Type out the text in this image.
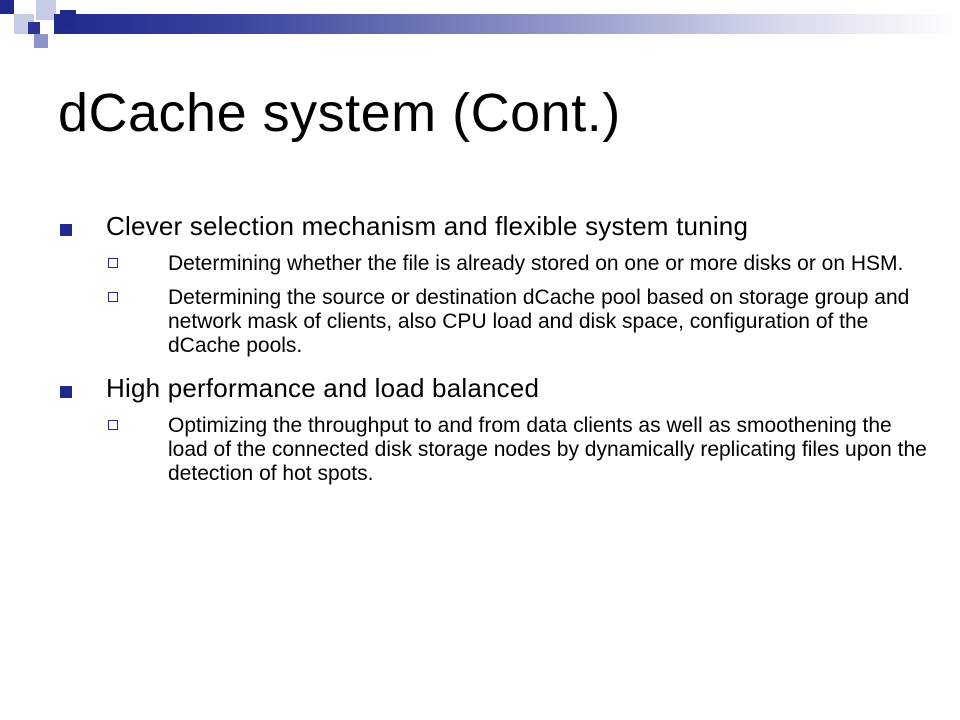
dCache system (Cont.)
Clever selection mechanism and flexible system tuning
Determining whether the file is already stored on one or more disks or on HSM.
Determining the source or destination dCache pool based on storage group and network mask of clients, also CPU load and disk space, configuration of the dCache pools.
High performance and load balanced
Optimizing the throughput to and from data clients as well as smoothening the load of the connected disk storage nodes by dynamically replicating files upon the detection of hot spots.
